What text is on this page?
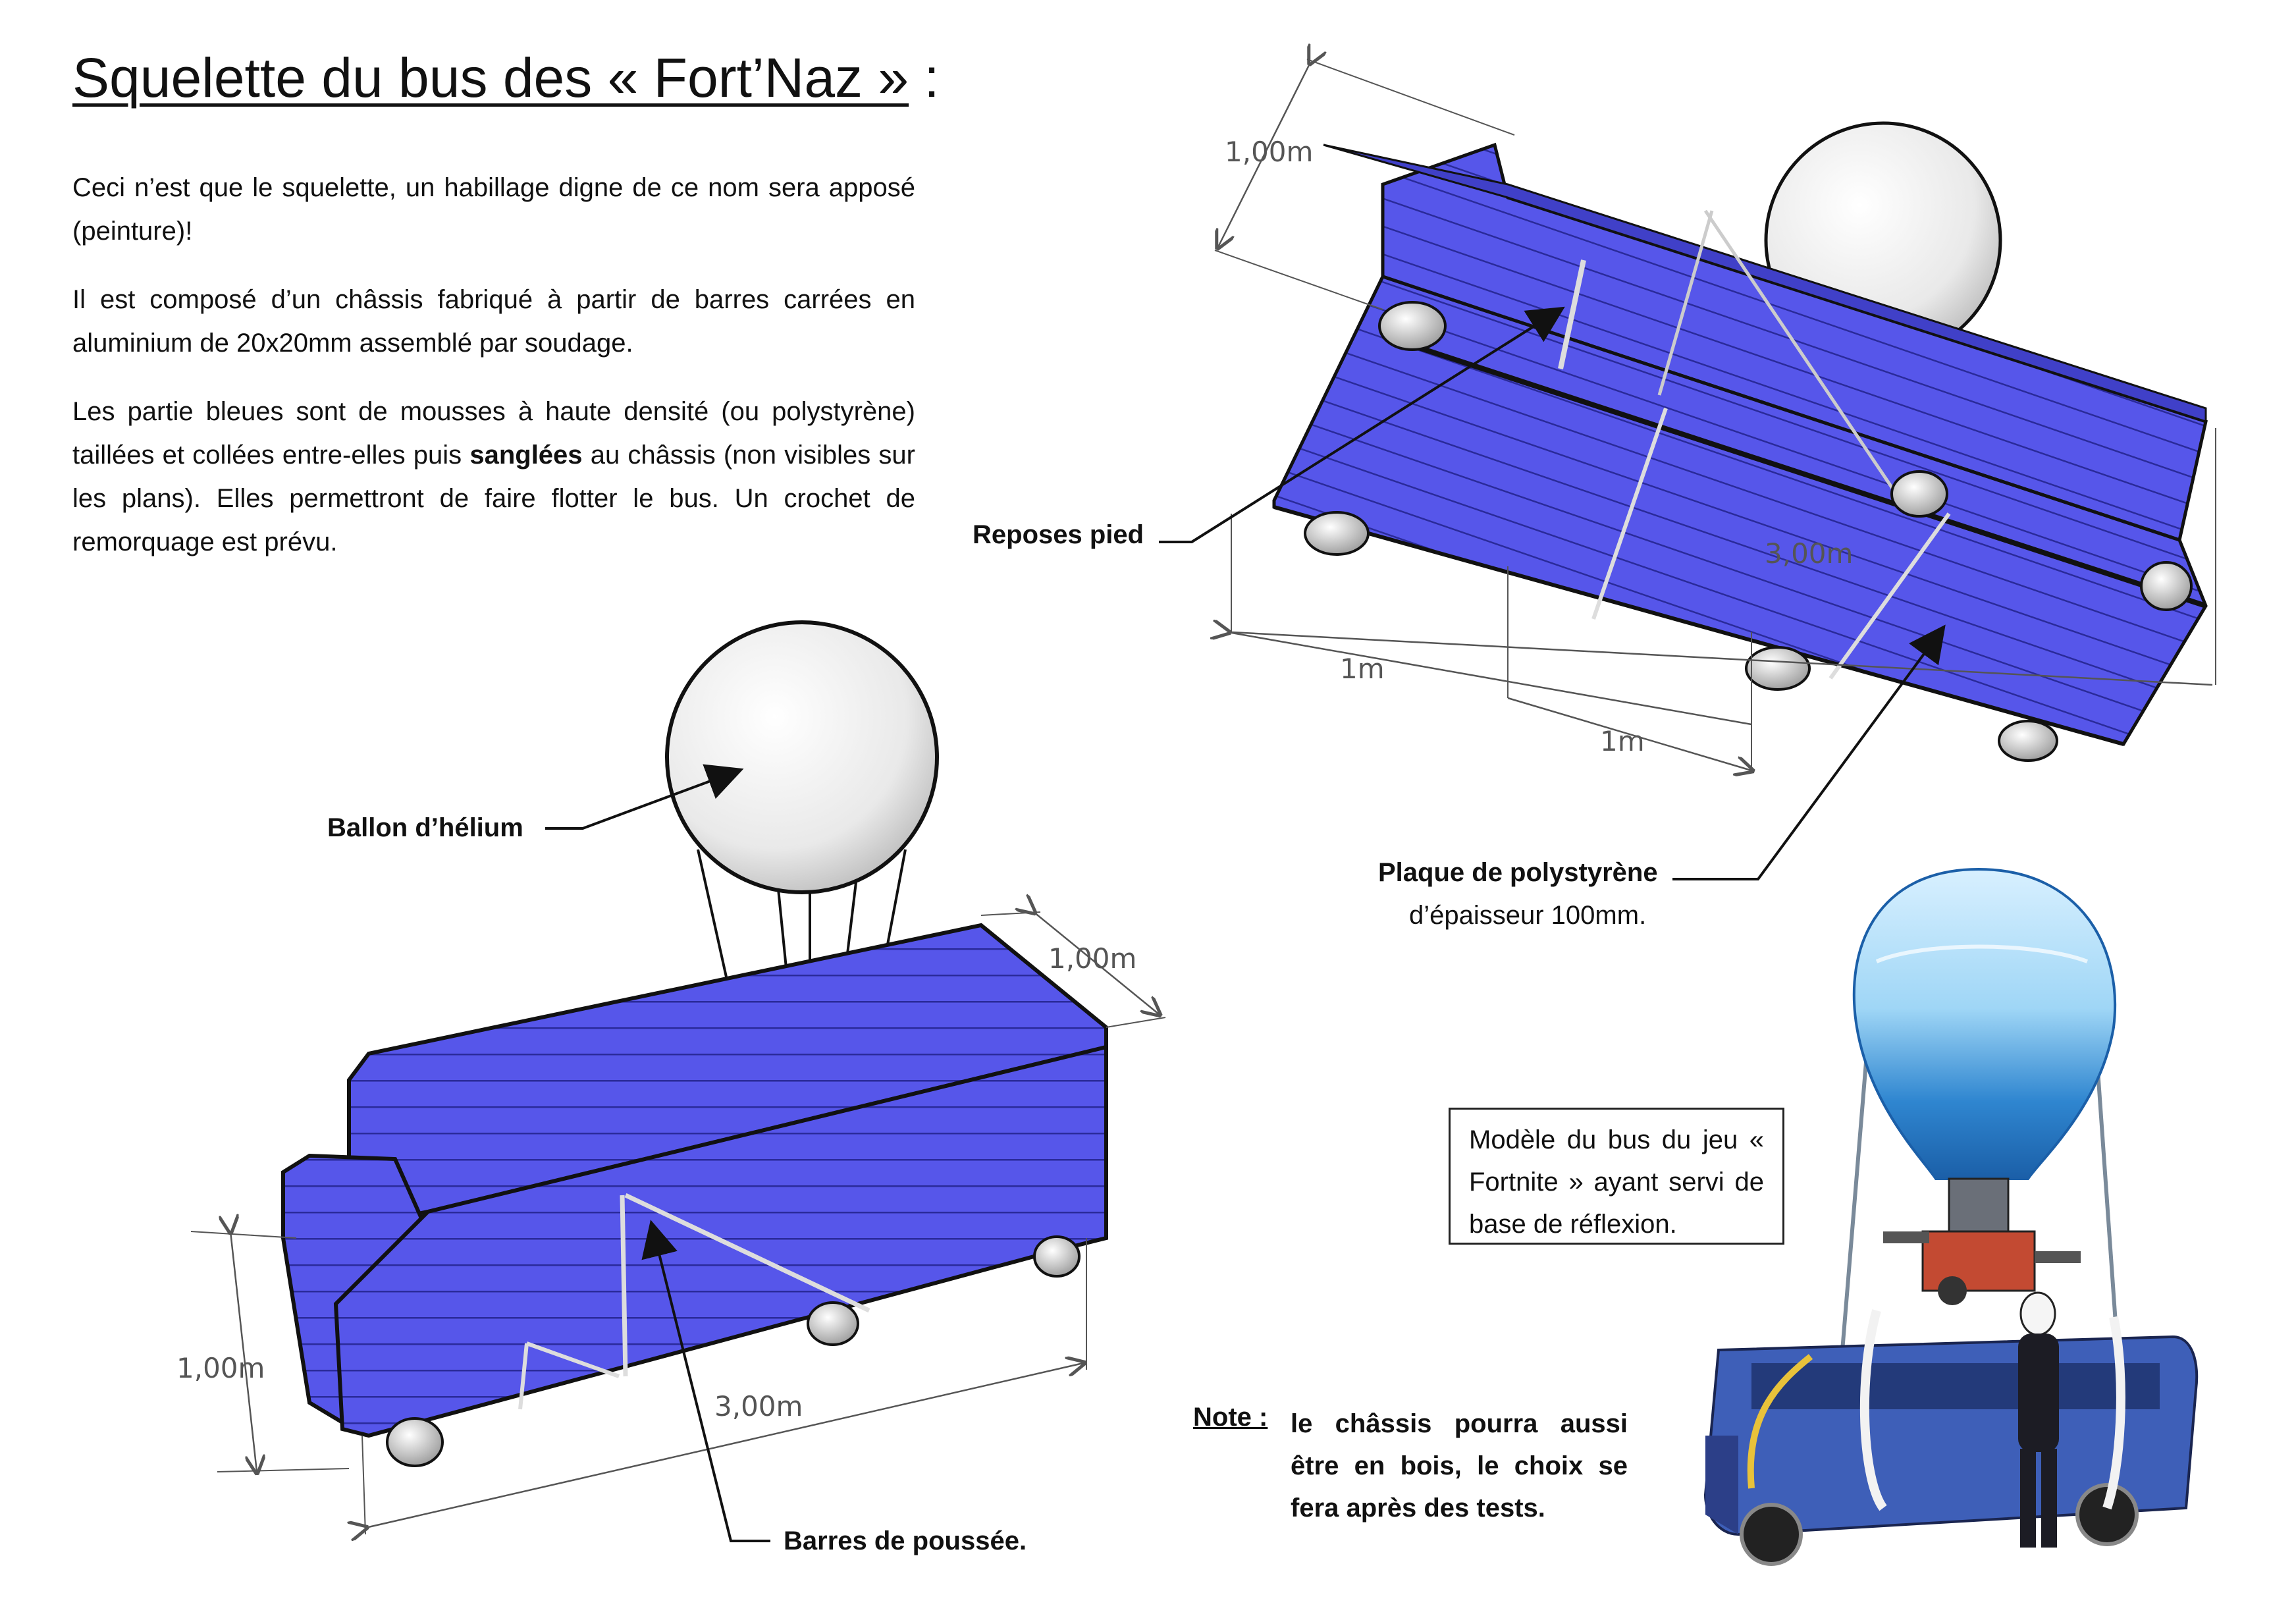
Squelette du bus des « Fort’Naz » :
Ceci n’est que le squelette, un habillage digne de ce nom sera apposé (peinture)!
Il est composé d’un châssis fabriqué à partir de barres carrées en aluminium de 20x20mm assemblé par soudage.
Les partie bleues sont de mousses à haute densité (ou polystyrène) taillées et collées entre-elles puis sanglées au châssis (non visibles sur les plans). Elles permettront de faire flotter le bus. Un crochet de remorquage est prévu.
1,00m
3,00m
1m
1m
1,00m
1,00m
3,00m
Reposes pied
Ballon d’hélium
Plaque de polystyrène
d’épaisseur 100mm.
Barres de poussée.
Modèle du bus du jeu « Fortnite » ayant servi de base de réflexion.
Note : le châssis pourra aussi être en bois, le choix se fera après des tests.
